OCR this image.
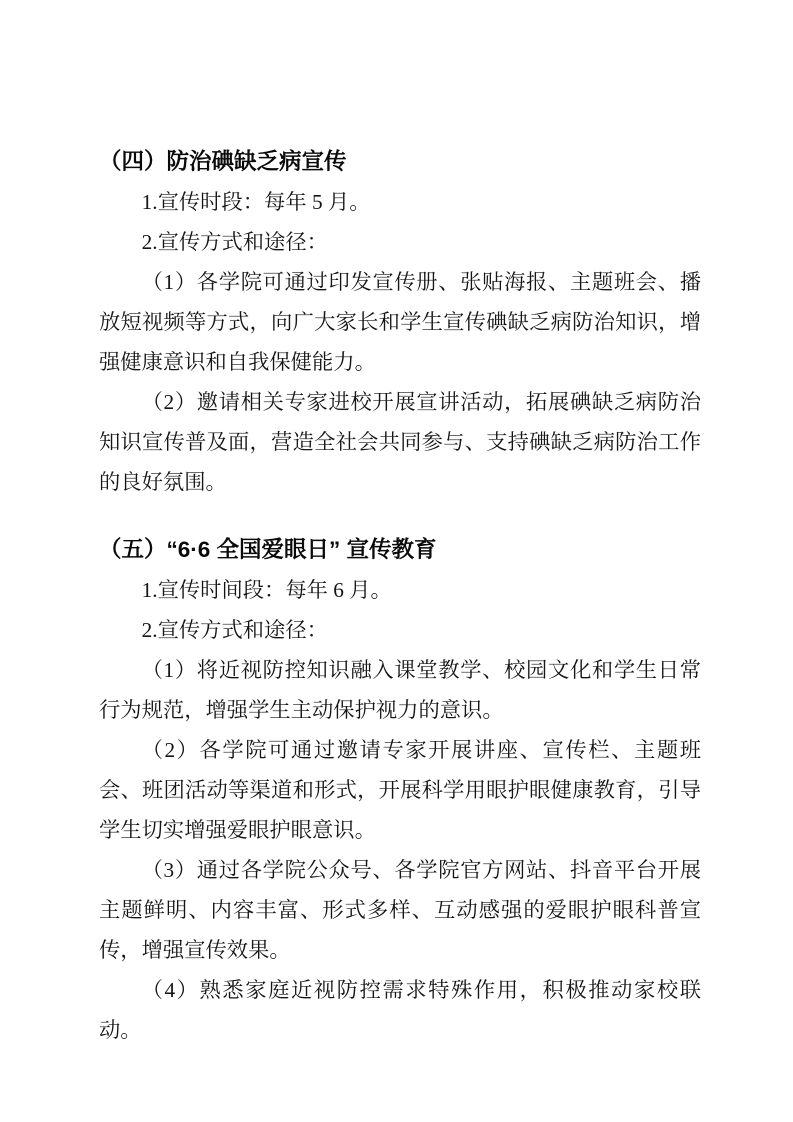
（四）防治碘缺乏病宣传

1.宣传时段：每年 5 月。

2.宣传方式和途径：

（1）各学院可通过印发宣传册、张贴海报、主题班会、播放短视频等方式，向广大家长和学生宣传碘缺乏病防治知识，增强健康意识和自我保健能力。

（2）邀请相关专家进校开展宣讲活动，拓展碘缺乏病防治知识宣传普及面，营造全社会共同参与、支持碘缺乏病防治工作的良好氛围。

（五）“6·6 全国爱眼日” 宣传教育

1.宣传时间段：每年 6 月。

2.宣传方式和途径：

（1）将近视防控知识融入课堂教学、校园文化和学生日常行为规范，增强学生主动保护视力的意识。

（2）各学院可通过邀请专家开展讲座、宣传栏、主题班会、班团活动等渠道和形式，开展科学用眼护眼健康教育，引导学生切实增强爱眼护眼意识。

（3）通过各学院公众号、各学院官方网站、抖音平台开展主题鲜明、内容丰富、形式多样、互动感强的爱眼护眼科普宣传，增强宣传效果。

（4）熟悉家庭近视防控需求特殊作用，积极推动家校联动。
